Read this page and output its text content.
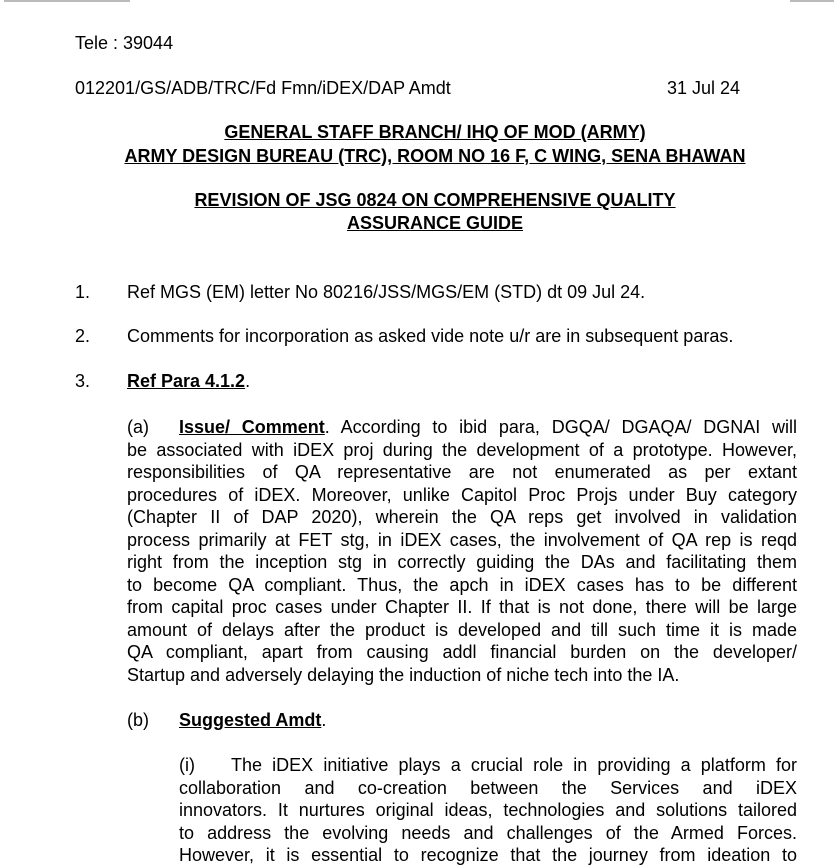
Tele : 39044
012201/GS/ADB/TRC/Fd Fmn/iDEX/DAP Amdt	31 Jul 24
GENERAL STAFF BRANCH/ IHQ OF MOD (ARMY)
ARMY DESIGN BUREAU (TRC), ROOM NO 16 F, C WING, SENA BHAWAN
REVISION OF JSG 0824 ON COMPREHENSIVE QUALITY
ASSURANCE GUIDE
1. Ref MGS (EM) letter No 80216/JSS/MGS/EM (STD) dt 09 Jul 24.
2. Comments for incorporation as asked vide note u/r are in subsequent paras.
3. Ref Para 4.1.2.
(a) Issue/ Comment. According to ibid para, DGQA/ DGAQA/ DGNAI will
be associated with iDEX proj during the development of a prototype. However,
responsibilities of QA representative are not enumerated as per extant
procedures of iDEX. Moreover, unlike Capitol Proc Projs under Buy category
(Chapter II of DAP 2020), wherein the QA reps get involved in validation
process primarily at FET stg, in iDEX cases, the involvement of QA rep is reqd
right from the inception stg in correctly guiding the DAs and facilitating them
to become QA compliant. Thus, the apch in iDEX cases has to be different
from capital proc cases under Chapter II. If that is not done, there will be large
amount of delays after the product is developed and till such time it is made
QA compliant, apart from causing addl financial burden on the developer/
Startup and adversely delaying the induction of niche tech into the IA.
(b) Suggested Amdt.
(i) The iDEX initiative plays a crucial role in providing a platform for
collaboration and co-creation between the Services and iDEX
innovators. It nurtures original ideas, technologies and solutions tailored
to address the evolving needs and challenges of the Armed Forces.
However, it is essential to recognize that the journey from ideation to
